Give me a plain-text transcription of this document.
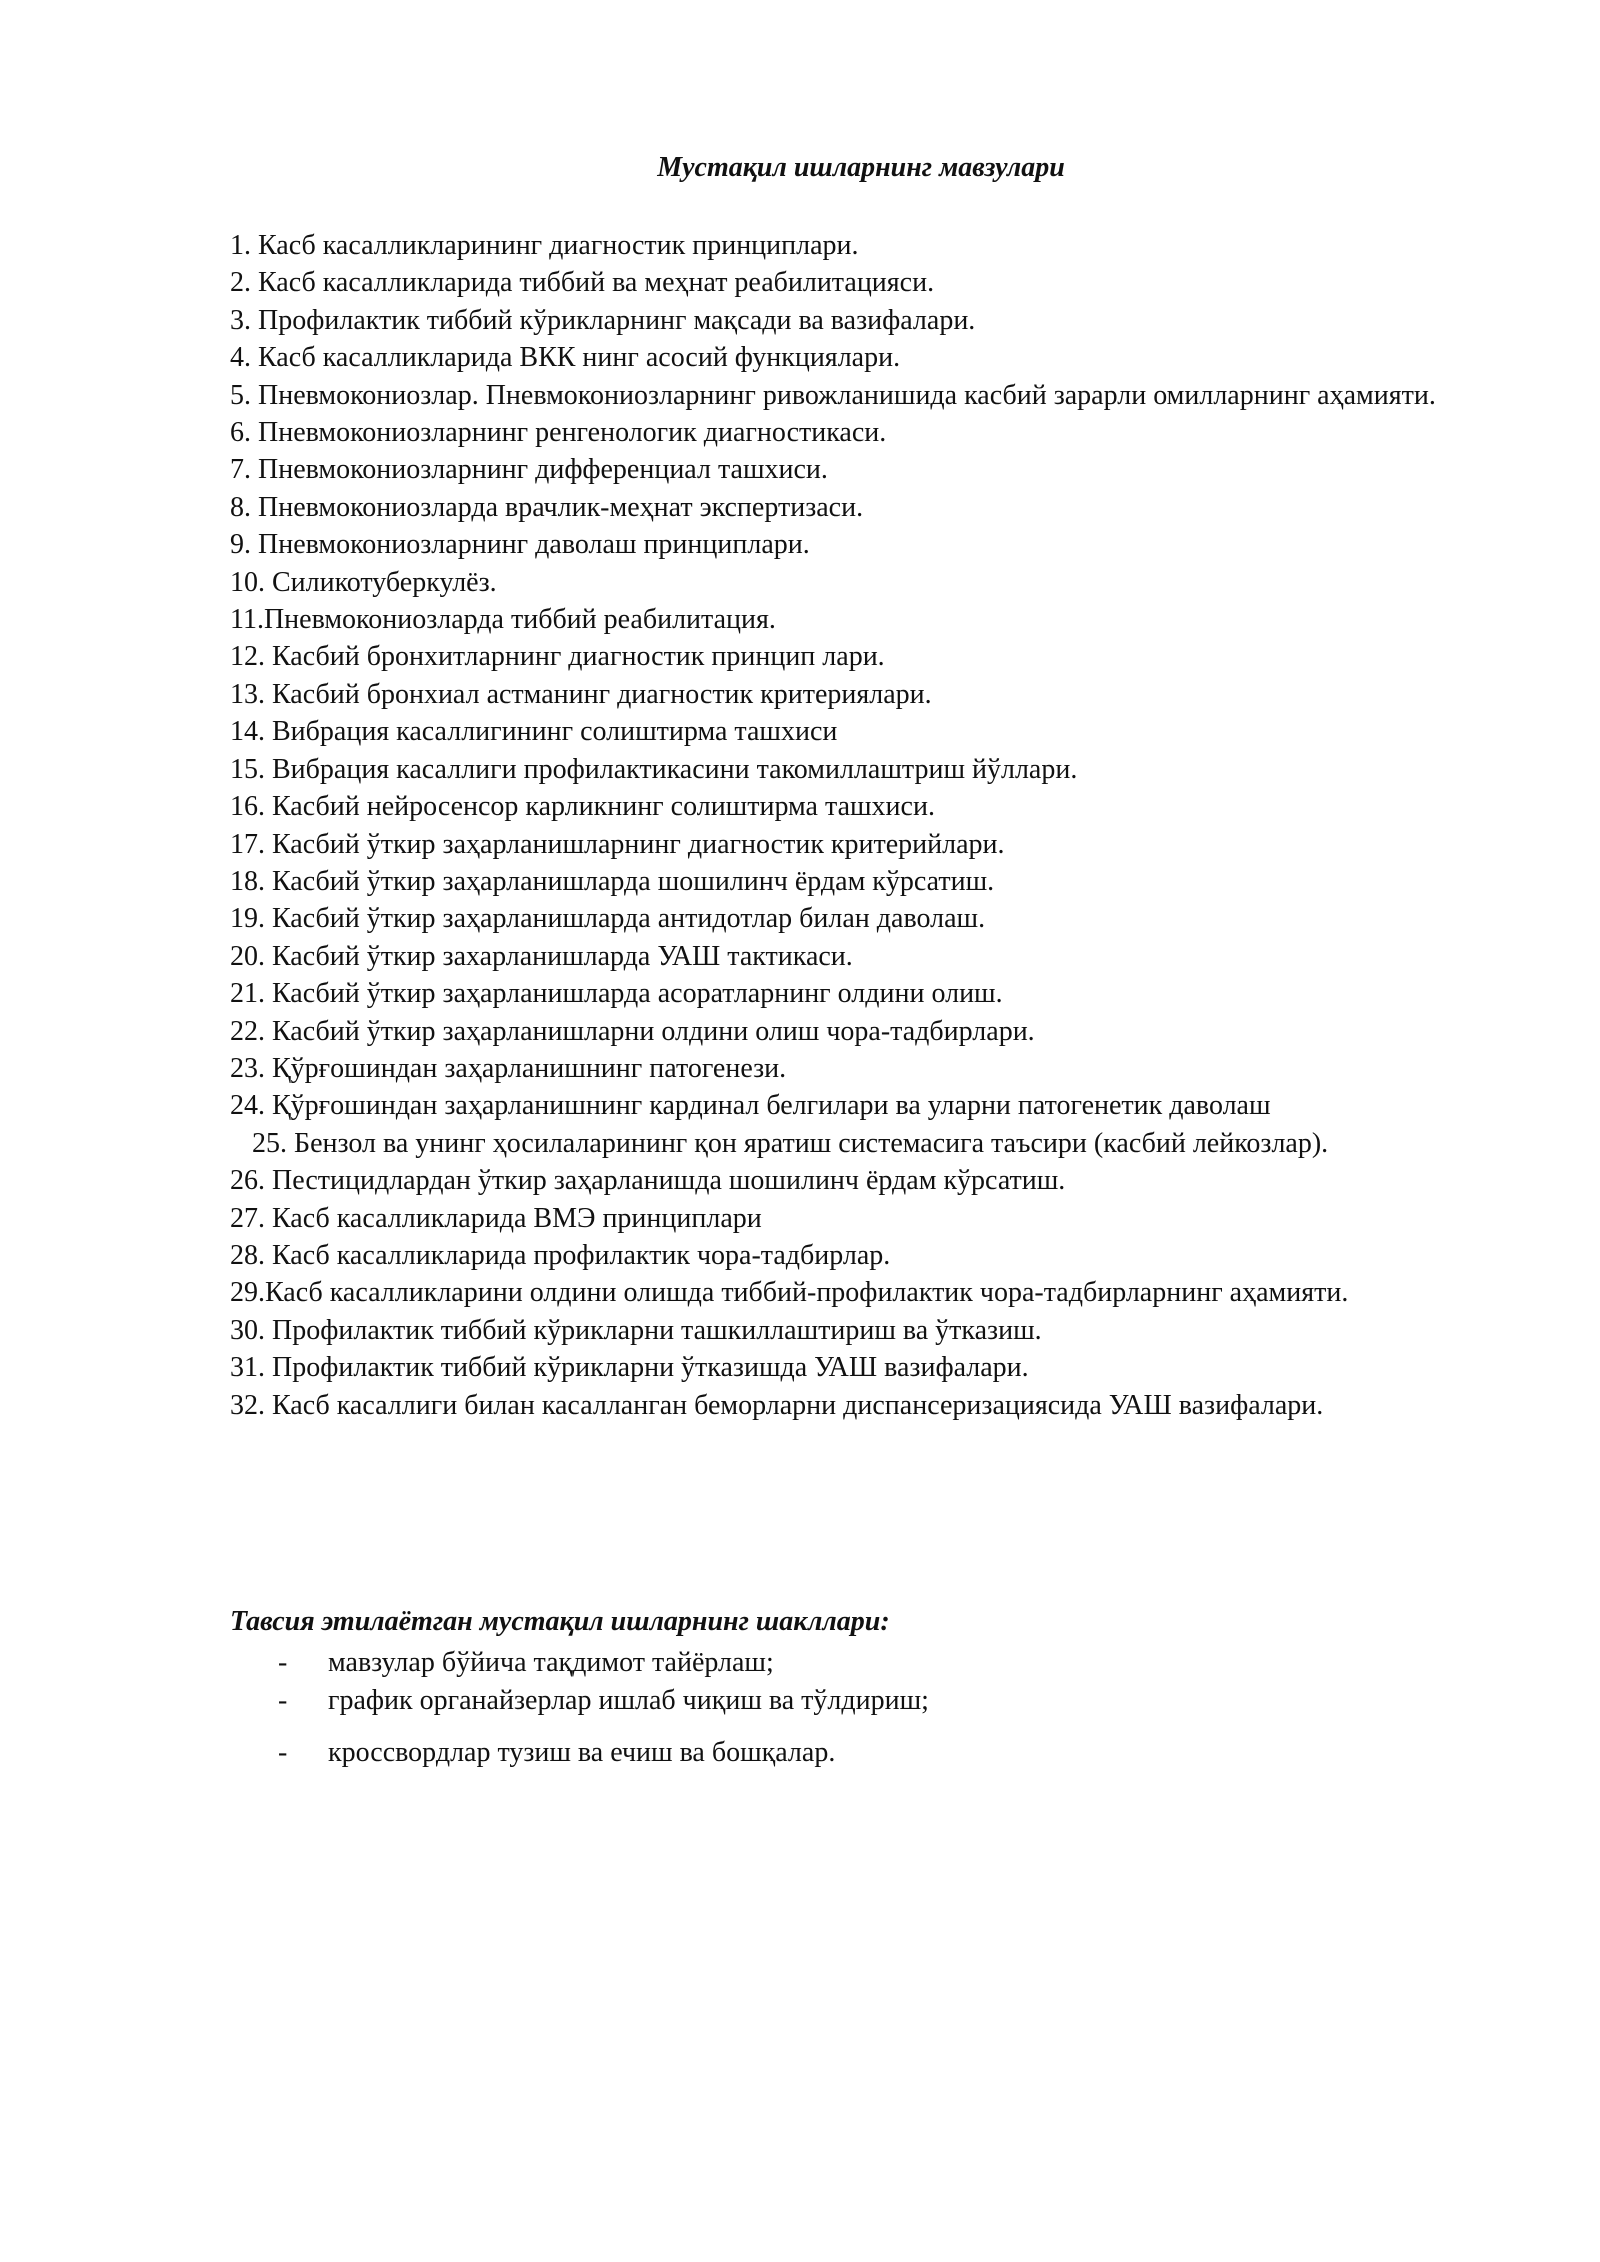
Мустақил ишларнинг мавзулари
1. Касб касалликларининг диагностик принциплари.
2. Касб касалликларида тиббий ва меҳнат реабилитацияси.
3. Профилактик тиббий кўрикларнинг мақсади ва вазифалари.
4. Касб касалликларида ВКК нинг асосий функциялари.
5. Пневмокониозлар. Пневмокониозларнинг ривожланишида касбий зарарли омилларнинг аҳамияти.
6. Пневмокониозларнинг ренгенологик диагностикаси.
7. Пневмокониозларнинг дифференциал ташхиси.
8. Пневмокониозларда врачлик-меҳнат экспертизаси.
9. Пневмокониозларнинг даволаш принциплари.
10. Силикотуберкулёз.
11.Пневмокониозларда тиббий реабилитация.
12. Касбий бронхитларнинг диагностик принцип лари.
13. Касбий бронхиал астманинг диагностик критериялари.
14. Вибрация касаллигининг солиштирма ташхиси
15. Вибрация касаллиги профилактикасини такомиллаштриш йўллари.
16. Касбий нейросенсор карликнинг солиштирма ташхиси.
17. Касбий ўткир заҳарланишларнинг диагностик критерийлари.
18. Касбий ўткир заҳарланишларда шошилинч ёрдам кўрсатиш.
19. Касбий ўткир заҳарланишларда антидотлар билан даволаш.
20. Касбий ўткир захарланишларда УАШ тактикаси.
21. Касбий ўткир заҳарланишларда асоратларнинг олдини олиш.
22. Касбий ўткир заҳарланишларни олдини олиш чора-тадбирлари.
23. Қўрғошиндан заҳарланишнинг патогенези.
24. Қўрғошиндан заҳарланишнинг кардинал белгилари ва уларни патогенетик даволаш
25. Бензол ва унинг ҳосилаларининг қон яратиш системасига таъсири (касбий лейкозлар).
26. Пестицидлардан ўткир заҳарланишда шошилинч ёрдам кўрсатиш.
27. Касб касалликларида ВМЭ принциплари
28. Касб касалликларида профилактик чора-тадбирлар.
29.Касб касалликларини олдини олишда тиббий-профилактик чора-тадбирларнинг аҳамияти.
30. Профилактик тиббий кўрикларни ташкиллаштириш ва ўтказиш.
31. Профилактик тиббий кўрикларни ўтказишда УАШ вазифалари.
32. Касб касаллиги билан касалланган беморларни диспансеризациясида УАШ вазифалари.
Тавсия этилаётган мустақил ишларнинг шакллари:
- мавзулар бўйича тақдимот тайёрлаш;
- график органайзерлар ишлаб чиқиш ва тўлдириш;
- кроссвордлар тузиш ва ечиш ва бошқалар.
